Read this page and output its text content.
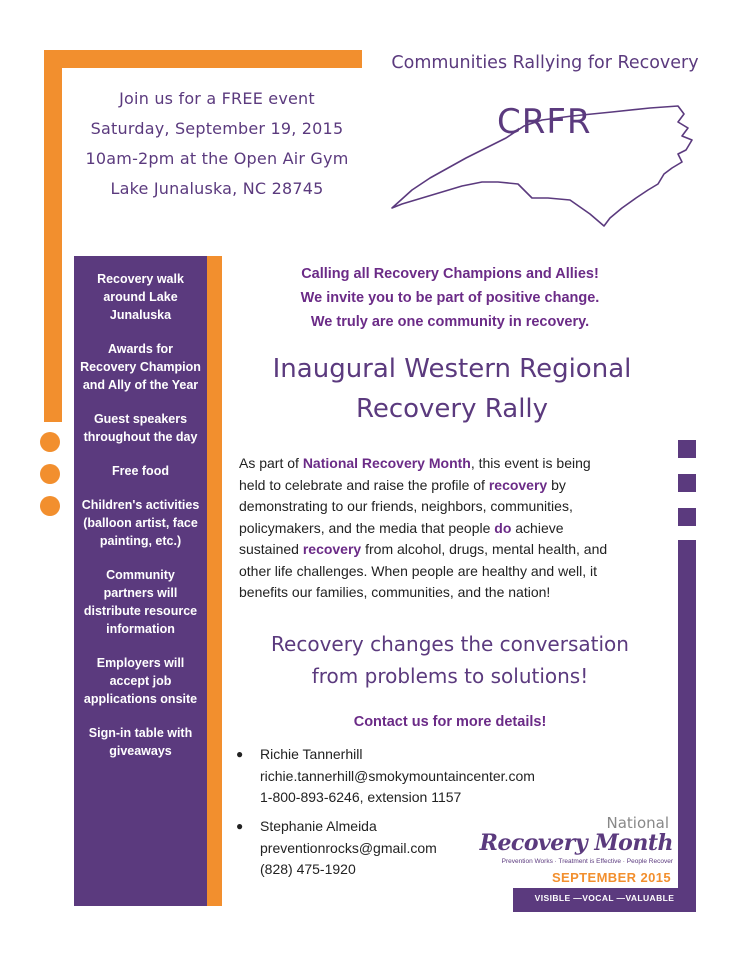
Join us for a FREE event
Saturday, September 19, 2015
10am-2pm at the Open Air Gym
Lake Junaluska, NC 28745
Communities Rallying for Recovery
CRFR
Recovery walk around Lake Junaluska
Awards for Recovery Champion and Ally of the Year
Guest speakers throughout the day
Free food
Children's activities (balloon artist, face painting, etc.)
Community partners will distribute resource information
Employers will accept job applications onsite
Sign-in table with giveaways
Calling all Recovery Champions and Allies!
We invite you to be part of positive change.
We truly are one community in recovery.
Inaugural Western Regional
Recovery Rally
As part of National Recovery Month, this event is being
held to celebrate and raise the profile of recovery by
demonstrating to our friends, neighbors, communities,
policymakers, and the media that people do achieve
sustained recovery from alcohol, drugs, mental health, and
other life challenges. When people are healthy and well, it
benefits our families, communities, and the nation!
Recovery changes the conversation
from problems to solutions!
Contact us for more details!
● Richie Tannerhill
richie.tannerhill@smokymountaincenter.com
1-800-893-6246, extension 1157
● Stephanie Almeida
preventionrocks@gmail.com
(828) 475-1920
VISIBLE —VOCAL —VALUABLE
National
Recovery Month
Prevention Works · Treatment is Effective · People Recover
SEPTEMBER 2015
